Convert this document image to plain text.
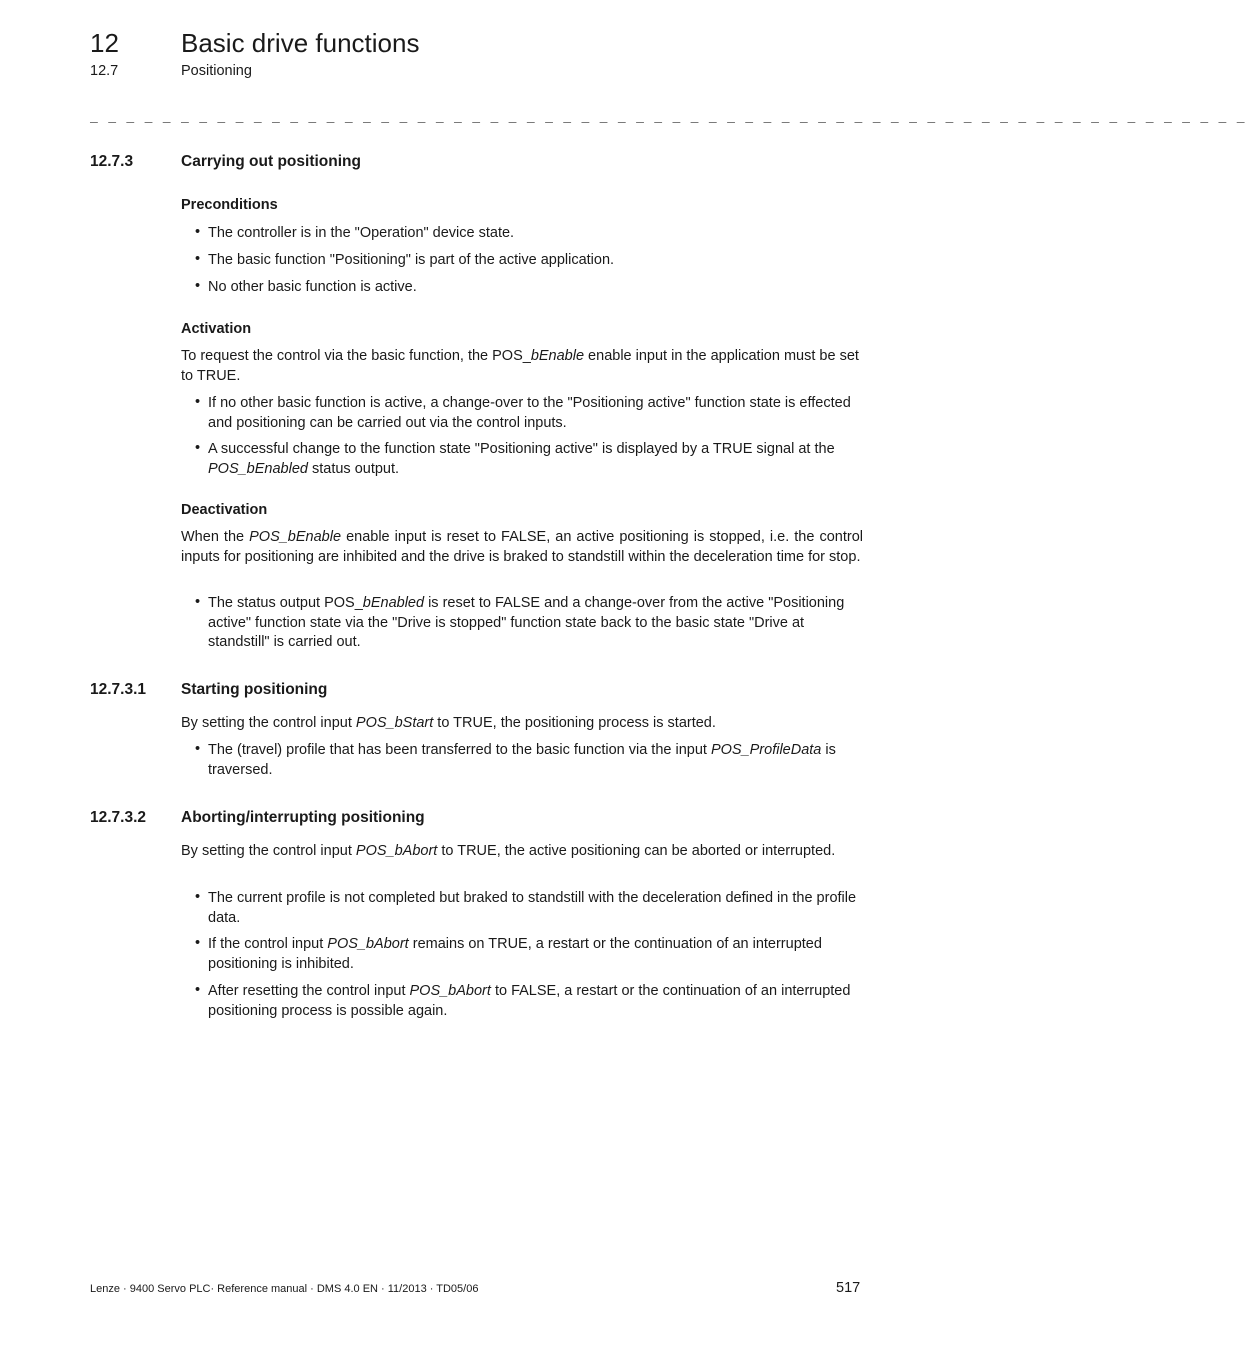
12 Basic drive functions
12.7	Positioning
_ _ _ _ _ _ _ _ _ _ _ _ _ _ _ _ _ _ _ _ _ _ _ _ _ _ _ _ _ _ _ _ _ _ _ _ _ _ _ _ _ _ _ _ _ _ _ _ _ _ _ _ _ _ _ _ _ _ _ _ _ _ _ _
12.7.3	Carrying out positioning
Preconditions
• The controller is in the "Operation" device state.
• The basic function "Positioning" is part of the active application.
• No other basic function is active.
Activation
To request the control via the basic function, the POS_bEnable enable input in the application must be set to TRUE.
• If no other basic function is active, a change-over to the "Positioning active" function state is effected and positioning can be carried out via the control inputs.
• A successful change to the function state "Positioning active" is displayed by a TRUE signal at the POS_bEnabled status output.
Deactivation
When the POS_bEnable enable input is reset to FALSE, an active positioning is stopped, i.e. the control inputs for positioning are inhibited and the drive is braked to standstill within the deceleration time for stop.
• The status output POS_bEnabled is reset to FALSE and a change-over from the active "Positioning active" function state via the "Drive is stopped" function state back to the basic state "Drive at standstill" is carried out.
12.7.3.1 Starting positioning
By setting the control input POS_bStart to TRUE, the positioning process is started.
• The (travel) profile that has been transferred to the basic function via the input POS_ProfileData is traversed.
12.7.3.2 Aborting/interrupting positioning
By setting the control input POS_bAbort to TRUE, the active positioning can be aborted or interrupted.
• The current profile is not completed but braked to standstill with the deceleration defined in the profile data.
• If the control input POS_bAbort remains on TRUE, a restart or the continuation of an interrupted positioning is inhibited.
• After resetting the control input POS_bAbort to FALSE, a restart or the continuation of an interrupted positioning process is possible again.
Lenze · 9400 Servo PLC· Reference manual · DMS 4.0 EN · 11/2013 · TD05/06	517
